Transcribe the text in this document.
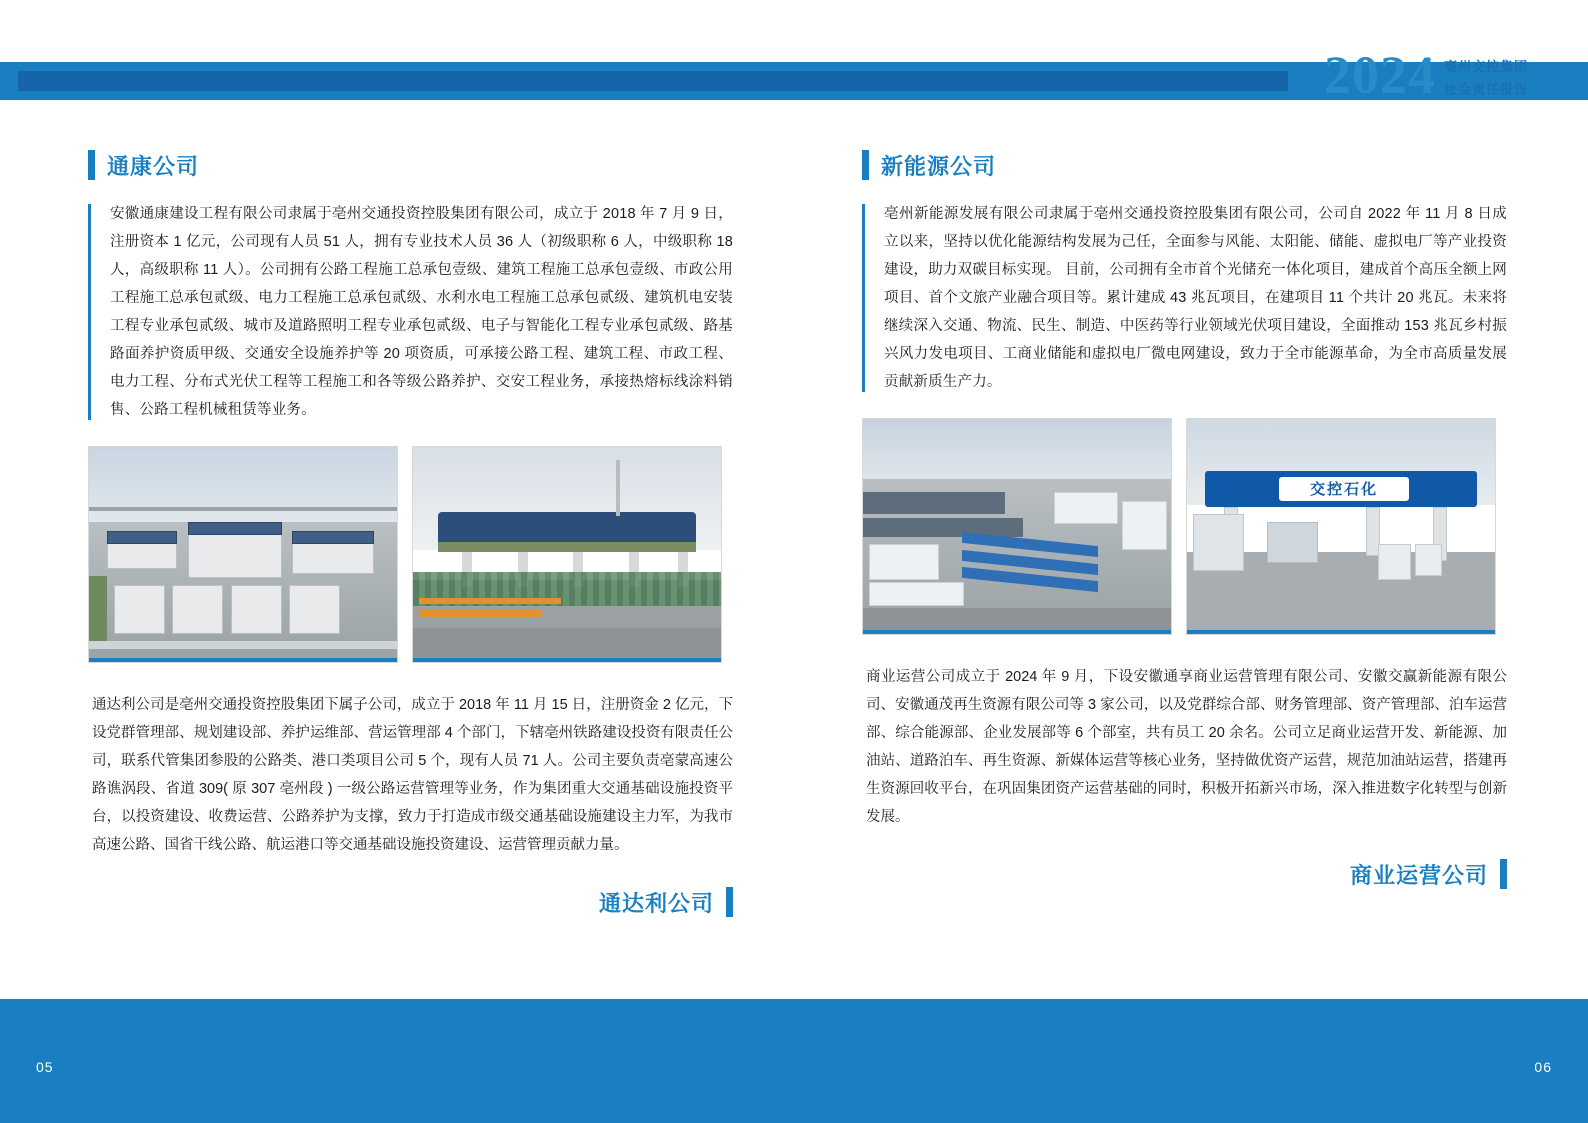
2024 亳州交控集团
社会责任报告
通康公司
安徽通康建设工程有限公司隶属于亳州交通投资控股集团有限公司，成立于 2018 年 7 月 9 日，注册资本 1 亿元，公司现有人员 51 人，拥有专业技术人员 36 人（初级职称 6 人，中级职称 18 人，高级职称 11 人）。公司拥有公路工程施工总承包壹级、建筑工程施工总承包壹级、市政公用工程施工总承包贰级、电力工程施工总承包贰级、水利水电工程施工总承包贰级、建筑机电安装工程专业承包贰级、城市及道路照明工程专业承包贰级、电子与智能化工程专业承包贰级、路基路面养护资质甲级、交通安全设施养护等 20 项资质，可承接公路工程、建筑工程、市政工程、电力工程、分布式光伏工程等工程施工和各等级公路养护、交安工程业务，承接热熔标线涂料销售、公路工程机械租赁等业务。
通达利公司是亳州交通投资控股集团下属子公司，成立于 2018 年 11 月 15 日，注册资金 2 亿元，下设党群管理部、规划建设部、养护运维部、营运管理部 4 个部门，下辖亳州铁路建设投资有限责任公司，联系代管集团参股的公路类、港口类项目公司 5 个，现有人员 71 人。公司主要负责亳蒙高速公路谯涡段、省道 309( 原 307 亳州段 ) 一级公路运营管理等业务，作为集团重大交通基础设施投资平台，以投资建设、收费运营、公路养护为支撑，致力于打造成市级交通基础设施建设主力军，为我市高速公路、国省干线公路、航运港口等交通基础设施投资建设、运营管理贡献力量。
通达利公司
新能源公司
亳州新能源发展有限公司隶属于亳州交通投资控股集团有限公司，公司自 2022 年 11 月 8 日成立以来，坚持以优化能源结构发展为己任，全面参与风能、太阳能、储能、虚拟电厂等产业投资建设，助力双碳目标实现。 目前，公司拥有全市首个光储充一体化项目，建成首个高压全额上网项目、首个文旅产业融合项目等。累计建成 43 兆瓦项目，在建项目 11 个共计 20 兆瓦。未来将继续深入交通、物流、民生、制造、中医药等行业领域光伏项目建设，全面推动 153 兆瓦乡村振兴风力发电项目、工商业储能和虚拟电厂微电网建设，致力于全市能源革命，为全市高质量发展贡献新质生产力。
交控石化
商业运营公司成立于 2024 年 9 月，下设安徽通享商业运营管理有限公司、安徽交赢新能源有限公司、安徽通茂再生资源有限公司等 3 家公司，以及党群综合部、财务管理部、资产管理部、泊车运营部、综合能源部、企业发展部等 6 个部室，共有员工 20 余名。公司立足商业运营开发、新能源、加油站、道路泊车、再生资源、新媒体运营等核心业务，坚持做优资产运营，规范加油站运营，搭建再生资源回收平台，在巩固集团资产运营基础的同时，积极开拓新兴市场，深入推进数字化转型与创新发展。
商业运营公司
05	06
